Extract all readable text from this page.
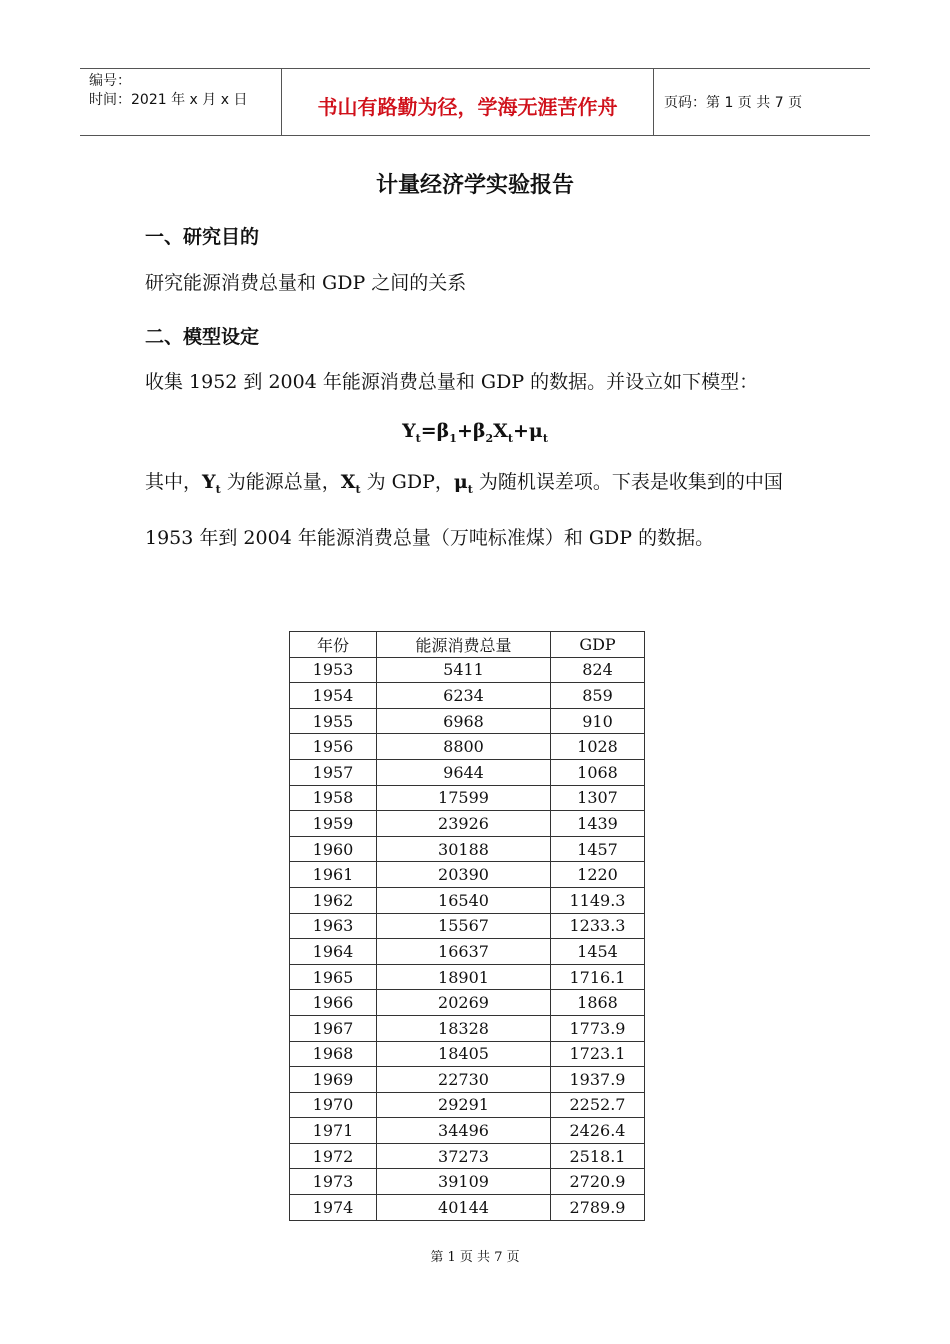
编号：
时间：2021 年 x 月 x 日	书山有路勤为径，学海无涯苦作舟	页码：第 1 页 共 7 页
计量经济学实验报告
一、研究目的
研究能源消费总量和 GDP 之间的关系
二、模型设定
收集 1952 到 2004 年能源消费总量和 GDP 的数据。并设立如下模型：
$Y_t=\beta_1+\beta_2X_t+\mu_t$
其中，$Y_t$ 为能源总量，$X_t$ 为 GDP，$\mu_t$ 为随机误差项。下表是收集到的中国 1953 年到 2004 年能源消费总量（万吨标准煤）和 GDP 的数据。
年份	能源消费总量	GDP
1953	5411	824
1954	6234	859
1955	6968	910
1956	8800	1028
1957	9644	1068
1958	17599	1307
1959	23926	1439
1960	30188	1457
1961	20390	1220
1962	16540	1149.3
1963	15567	1233.3
1964	16637	1454
1965	18901	1716.1
1966	20269	1868
1967	18328	1773.9
1968	18405	1723.1
1969	22730	1937.9
1970	29291	2252.7
1971	34496	2426.4
1972	37273	2518.1
1973	39109	2720.9
1974	40144	2789.9
第 1 页 共 7 页
